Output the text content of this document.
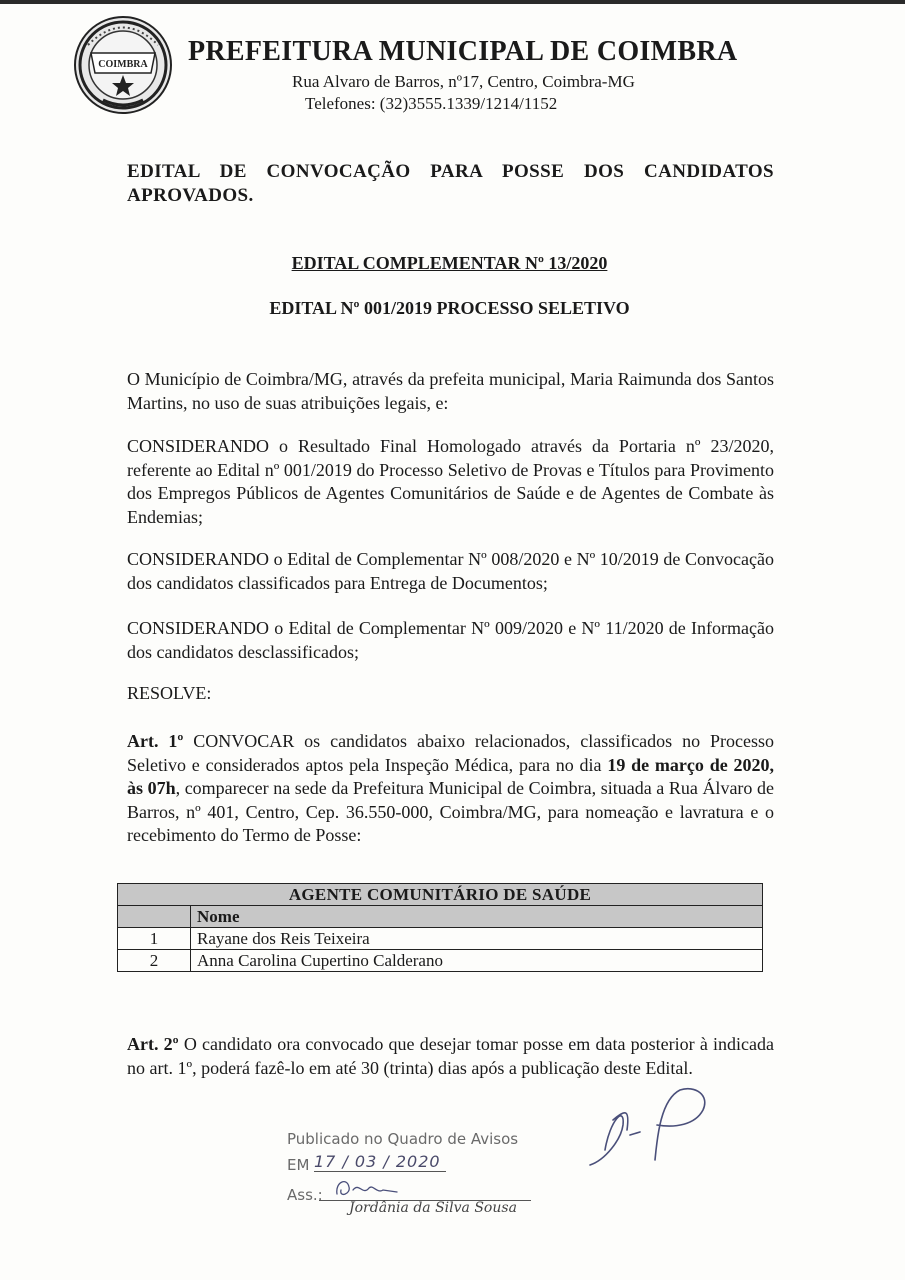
COIMBRA PREFEITURA MUNICIPAL DE COIMBRA
Rua Alvaro de Barros, nº17, Centro, Coimbra-MG
Telefones: (32)3555.1339/1214/1152
EDITAL DE CONVOCAÇÃO PARA POSSE DOS CANDIDATOS APROVADOS.
EDITAL COMPLEMENTAR Nº 13/2020
EDITAL Nº 001/2019 PROCESSO SELETIVO
O Município de Coimbra/MG, através da prefeita municipal, Maria Raimunda dos Santos Martins, no uso de suas atribuições legais, e:
CONSIDERANDO o Resultado Final Homologado através da Portaria nº 23/2020, referente ao Edital nº 001/2019 do Processo Seletivo de Provas e Títulos para Provimento dos Empregos Públicos de Agentes Comunitários de Saúde e de Agentes de Combate às Endemias;
CONSIDERANDO o Edital de Complementar Nº 008/2020 e Nº 10/2019 de Convocação dos candidatos classificados para Entrega de Documentos;
CONSIDERANDO o Edital de Complementar Nº 009/2020 e Nº 11/2020 de Informação dos candidatos desclassificados;
RESOLVE:
Art. 1º CONVOCAR os candidatos abaixo relacionados, classificados no Processo Seletivo e considerados aptos pela Inspeção Médica, para no dia 19 de março de 2020, às 07h, comparecer na sede da Prefeitura Municipal de Coimbra, situada a Rua Álvaro de Barros, nº 401, Centro, Cep. 36.550-000, Coimbra/MG, para nomeação e lavratura e o recebimento do Termo de Posse:
AGENTE COMUNITÁRIO DE SAÚDE	
	Nome
1	Rayane dos Reis Teixeira
2	Anna Carolina Cupertino Calderano
Art. 2º O candidato ora convocado que desejar tomar posse em data posterior à indicada no art. 1º, poderá fazê-lo em até 30 (trinta) dias após a publicação deste Edital.
Publicado no Quadro de Avisos
EM 17 / 03 / 2020
Ass.:
Jordânia da Silva Sousa
